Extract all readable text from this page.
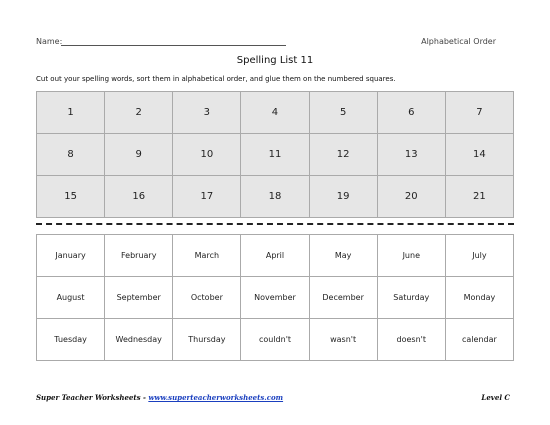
Name:	Alphabetical Order
Spelling List 11
Cut out your spelling words, sort them in alphabetical order, and glue them on the numbered squares.
1	2	3	4	5	6	7
8	9	10	11	12	13	14
15	16	17	18	19	20	21
January	February	March	April	May	June	July
August	September	October	November	December	Saturday	Monday
Tuesday	Wednesday	Thursday	couldn't	wasn't	doesn't	calendar
Super Teacher Worksheets - www.superteacherworksheets.com	Level C
